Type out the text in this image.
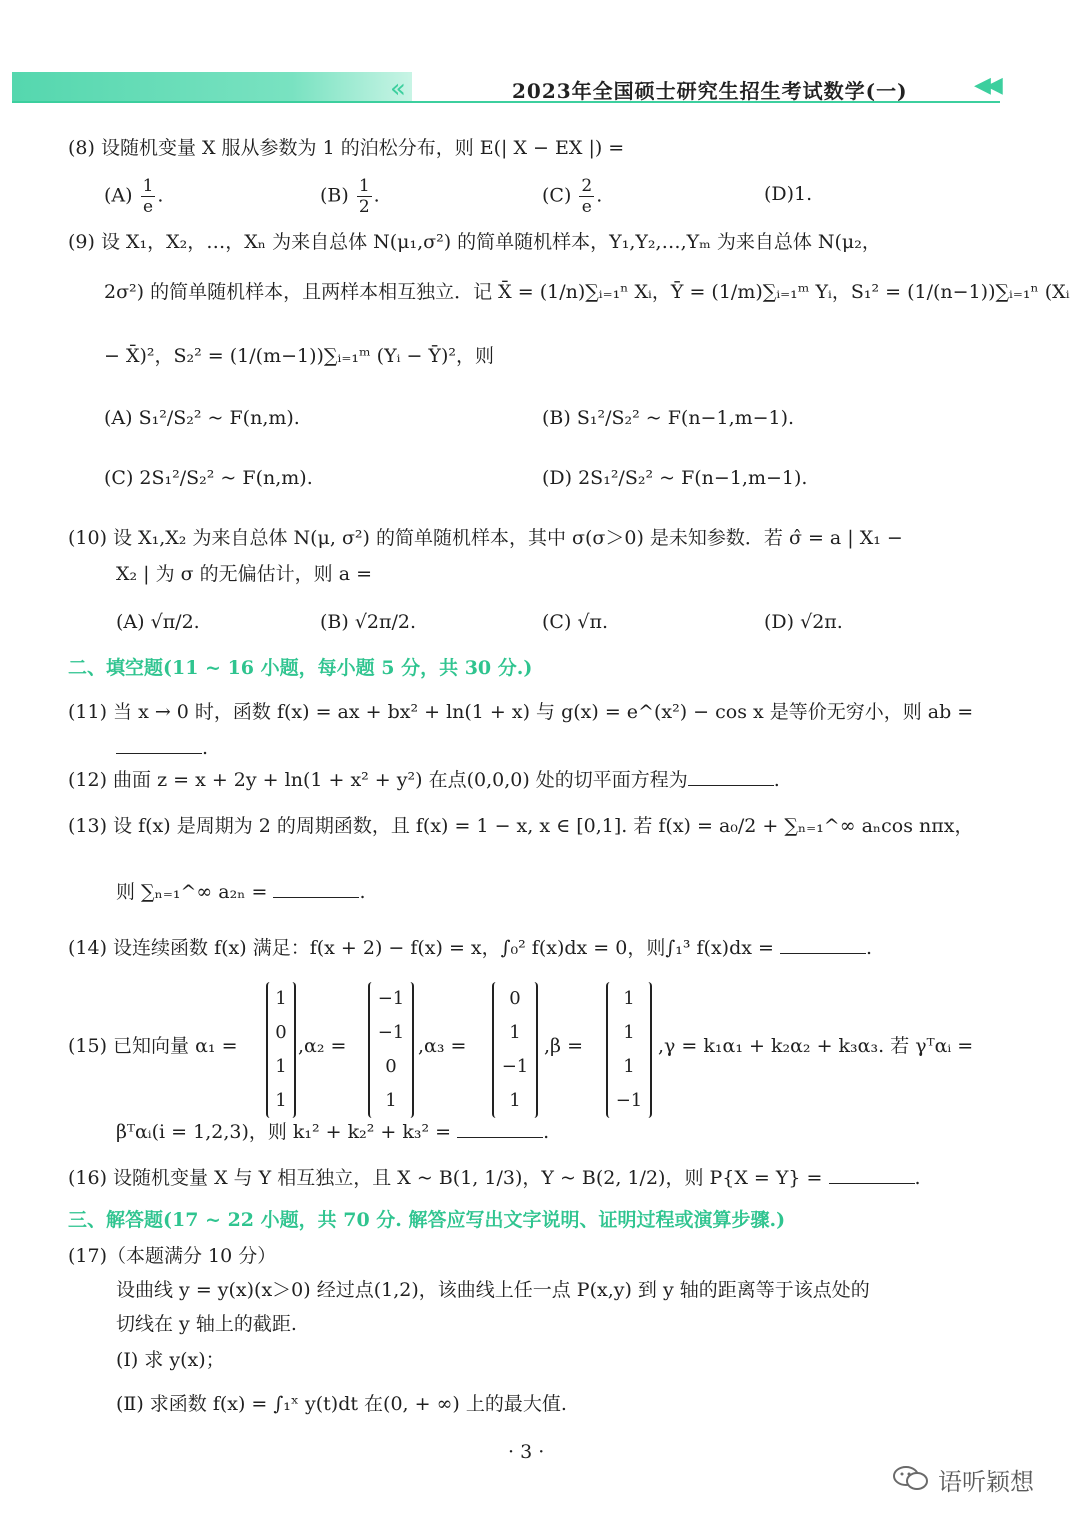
«	2023年全国硕士研究生招生考试数学(一)	◀◀
(8) 设随机变量 X 服从参数为 1 的泊松分布，则 E(| X − EX |) =
$(A) \frac{1}{e}$ .	$(B) \frac{1}{2}$ .	$(C) \frac{2}{e}$ .	(D)1.
(9) 设 X₁，X₂，…，Xₙ 为来自总体 N(μ₁,σ²) 的简单随机样本，Y₁,Y₂,…,Yₘ 为来自总体 N(μ₂，
2σ²) 的简单随机样本，且两样本相互独立．记 X̄ = (1/n)∑ᵢ₌₁ⁿ Xᵢ，Ȳ = (1/m)∑ᵢ₌₁ᵐ Yᵢ，S₁² = (1/(n−1))∑ᵢ₌₁ⁿ (Xᵢ
− X̄)²，S₂² = (1/(m−1))∑ᵢ₌₁ᵐ (Yᵢ − Ȳ)²，则
(A) S₁²/S₂² ~ F(n,m).	(B) S₁²/S₂² ~ F(n−1,m−1).
(C) 2S₁²/S₂² ~ F(n,m).	(D) 2S₁²/S₂² ~ F(n−1,m−1).
(10) 设 X₁,X₂ 为来自总体 N(μ, σ²) 的简单随机样本，其中 σ(σ＞0) 是未知参数．若 σ̂ = a | X₁ −
X₂ | 为 σ 的无偏估计，则 a =
(A) √π/2.	(B) √2π/2.	(C) √π.	(D) √2π.
二、填空题(11 ~ 16 小题，每小题 5 分，共 30 分.)
(11) 当 x → 0 时，函数 f(x) = ax + bx² + ln(1 + x) 与 g(x) = e^(x²) − cos x 是等价无穷小，则 ab =
.
(12) 曲面 z = x + 2y + ln(1 + x² + y²) 在点(0,0,0) 处的切平面方程为	.
(13) 设 f(x) 是周期为 2 的周期函数，且 f(x) = 1 − x, x ∈ [0,1]. 若 f(x) = a₀/2 + ∑ₙ₌₁^∞ aₙcos nπx，
则 ∑ₙ₌₁^∞ a₂ₙ =	.
(14) 设连续函数 f(x) 满足：f(x + 2) − f(x) = x，∫₀² f(x)dx = 0，则∫₁³ f(x)dx =	.
(15) 已知向量 α₁ =
1
0
1
1
,α₂ =
−1
−1
0
1
,α₃ =
0
1
−1
1
,β =
1
1
1
−1
,γ = k₁α₁ + k₂α₂ + k₃α₃. 若 γᵀαᵢ =
βᵀαᵢ(i = 1,2,3)，则 k₁² + k₂² + k₃² =	.
(16) 设随机变量 X 与 Y 相互独立，且 X ~ B(1, 1/3)，Y ~ B(2, 1/2)，则 P{X = Y} =	.
三、解答题(17 ~ 22 小题，共 70 分. 解答应写出文字说明、证明过程或演算步骤.)
(17)（本题满分 10 分）
设曲线 y = y(x)(x＞0) 经过点(1,2)，该曲线上任一点 P(x,y) 到 y 轴的距离等于该点处的
切线在 y 轴上的截距.
(Ⅰ) 求 y(x)；
(Ⅱ) 求函数 f(x) = ∫₁ˣ y(t)dt 在(0, + ∞) 上的最大值.
· 3 ·
语听颖想
